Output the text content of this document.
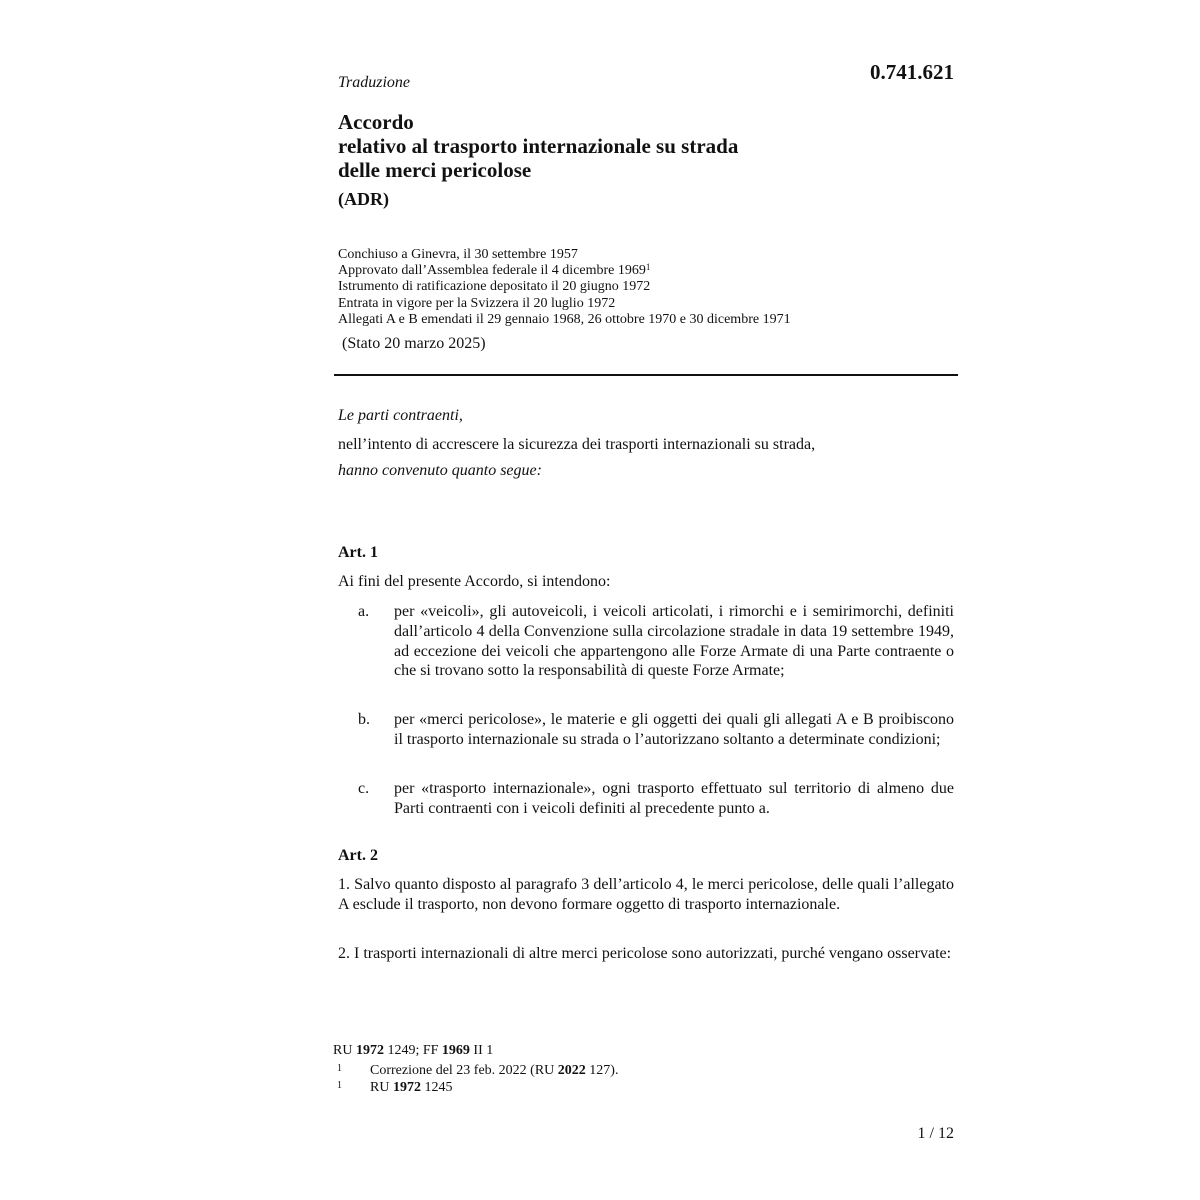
0.741.621
Traduzione
Accordo
relativo al trasporto internazionale su strada
delle merci pericolose
(ADR)
Conchiuso a Ginevra, il 30 settembre 1957
Approvato dall’Assemblea federale il 4 dicembre 1969$^1$
Istrumento di ratificazione depositato il 20 giugno 1972
Entrata in vigore per la Svizzera il 20 luglio 1972
Allegati A e B emendati il 29 gennaio 1968, 26 ottobre 1970 e 30 dicembre 1971
(Stato 20 marzo 2025)
Le parti contraenti,
nell’intento di accrescere la sicurezza dei trasporti internazionali su strada,
hanno convenuto quanto segue:
Art. 1
Ai fini del presente Accordo, si intendono:
a.	per «veicoli», gli autoveicoli, i veicoli articolati, i rimorchi e i semirimorchi, definiti dall’articolo 4 della Convenzione sulla circolazione stradale in data 19 settembre 1949, ad eccezione dei veicoli che appartengono alle Forze Armate di una Parte contraente o che si trovano sotto la responsabilità di queste Forze Armate;
b.	per «merci pericolose», le materie e gli oggetti dei quali gli allegati A e B proibiscono il trasporto internazionale su strada o l’autorizzano soltanto a determinate condizioni;
c.	per «trasporto internazionale», ogni trasporto effettuato sul territorio di almeno due Parti contraenti con i veicoli definiti al precedente punto a.
Art. 2
1. Salvo quanto disposto al paragrafo 3 dell’articolo 4, le merci pericolose, delle quali l’allegato A esclude il trasporto, non devono formare oggetto di trasporto internazionale.
2. I trasporti internazionali di altre merci pericolose sono autorizzati, purché vengano osservate:
RU 1972 1249; FF 1969 II 1
1	Correzione del 23 feb. 2022 (RU 2022 127).
1	RU 1972 1245
1 / 12
